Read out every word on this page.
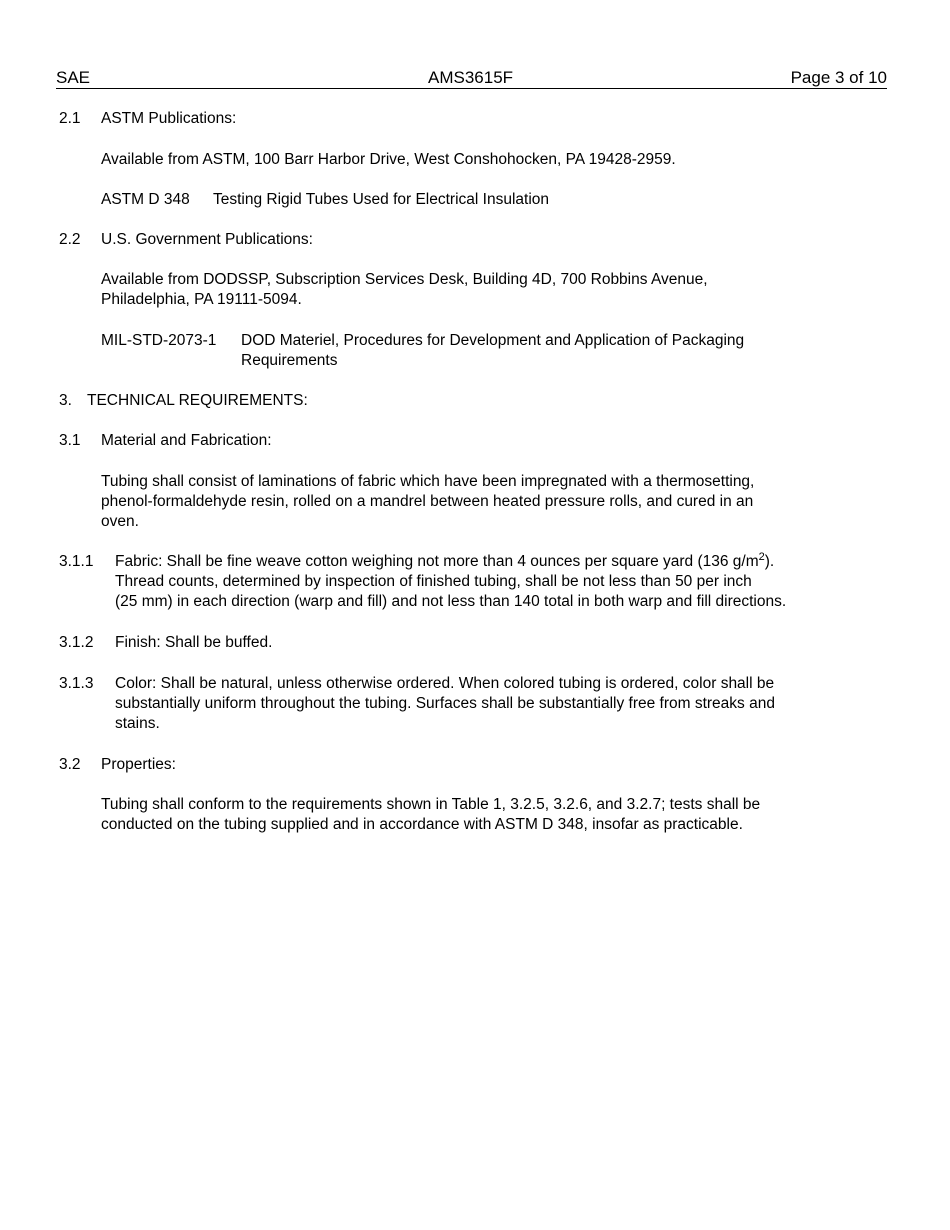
SAE	AMS3615F	Page 3 of 10
2.1 ASTM Publications:
Available from ASTM, 100 Barr Harbor Drive, West Conshohocken, PA 19428-2959.
ASTM D 348 Testing Rigid Tubes Used for Electrical Insulation
2.2 U.S. Government Publications:
Available from DODSSP, Subscription Services Desk, Building 4D, 700 Robbins Avenue,
Philadelphia, PA 19111-5094.
MIL-STD-2073-1 DOD Materiel, Procedures for Development and Application of Packaging
Requirements
3. TECHNICAL REQUIREMENTS:
3.1 Material and Fabrication:
Tubing shall consist of laminations of fabric which have been impregnated with a thermosetting,
phenol-formaldehyde resin, rolled on a mandrel between heated pressure rolls, and cured in an
oven.
3.1.1 Fabric: Shall be fine weave cotton weighing not more than 4 ounces per square yard (136 $g/m^2$).
Thread counts, determined by inspection of finished tubing, shall be not less than 50 per inch
(25 mm) in each direction (warp and fill) and not less than 140 total in both warp and fill directions.
3.1.2 Finish: Shall be buffed.
3.1.3 Color: Shall be natural, unless otherwise ordered. When colored tubing is ordered, color shall be
substantially uniform throughout the tubing. Surfaces shall be substantially free from streaks and
stains.
3.2 Properties:
Tubing shall conform to the requirements shown in Table 1, 3.2.5, 3.2.6, and 3.2.7; tests shall be
conducted on the tubing supplied and in accordance with ASTM D 348, insofar as practicable.
